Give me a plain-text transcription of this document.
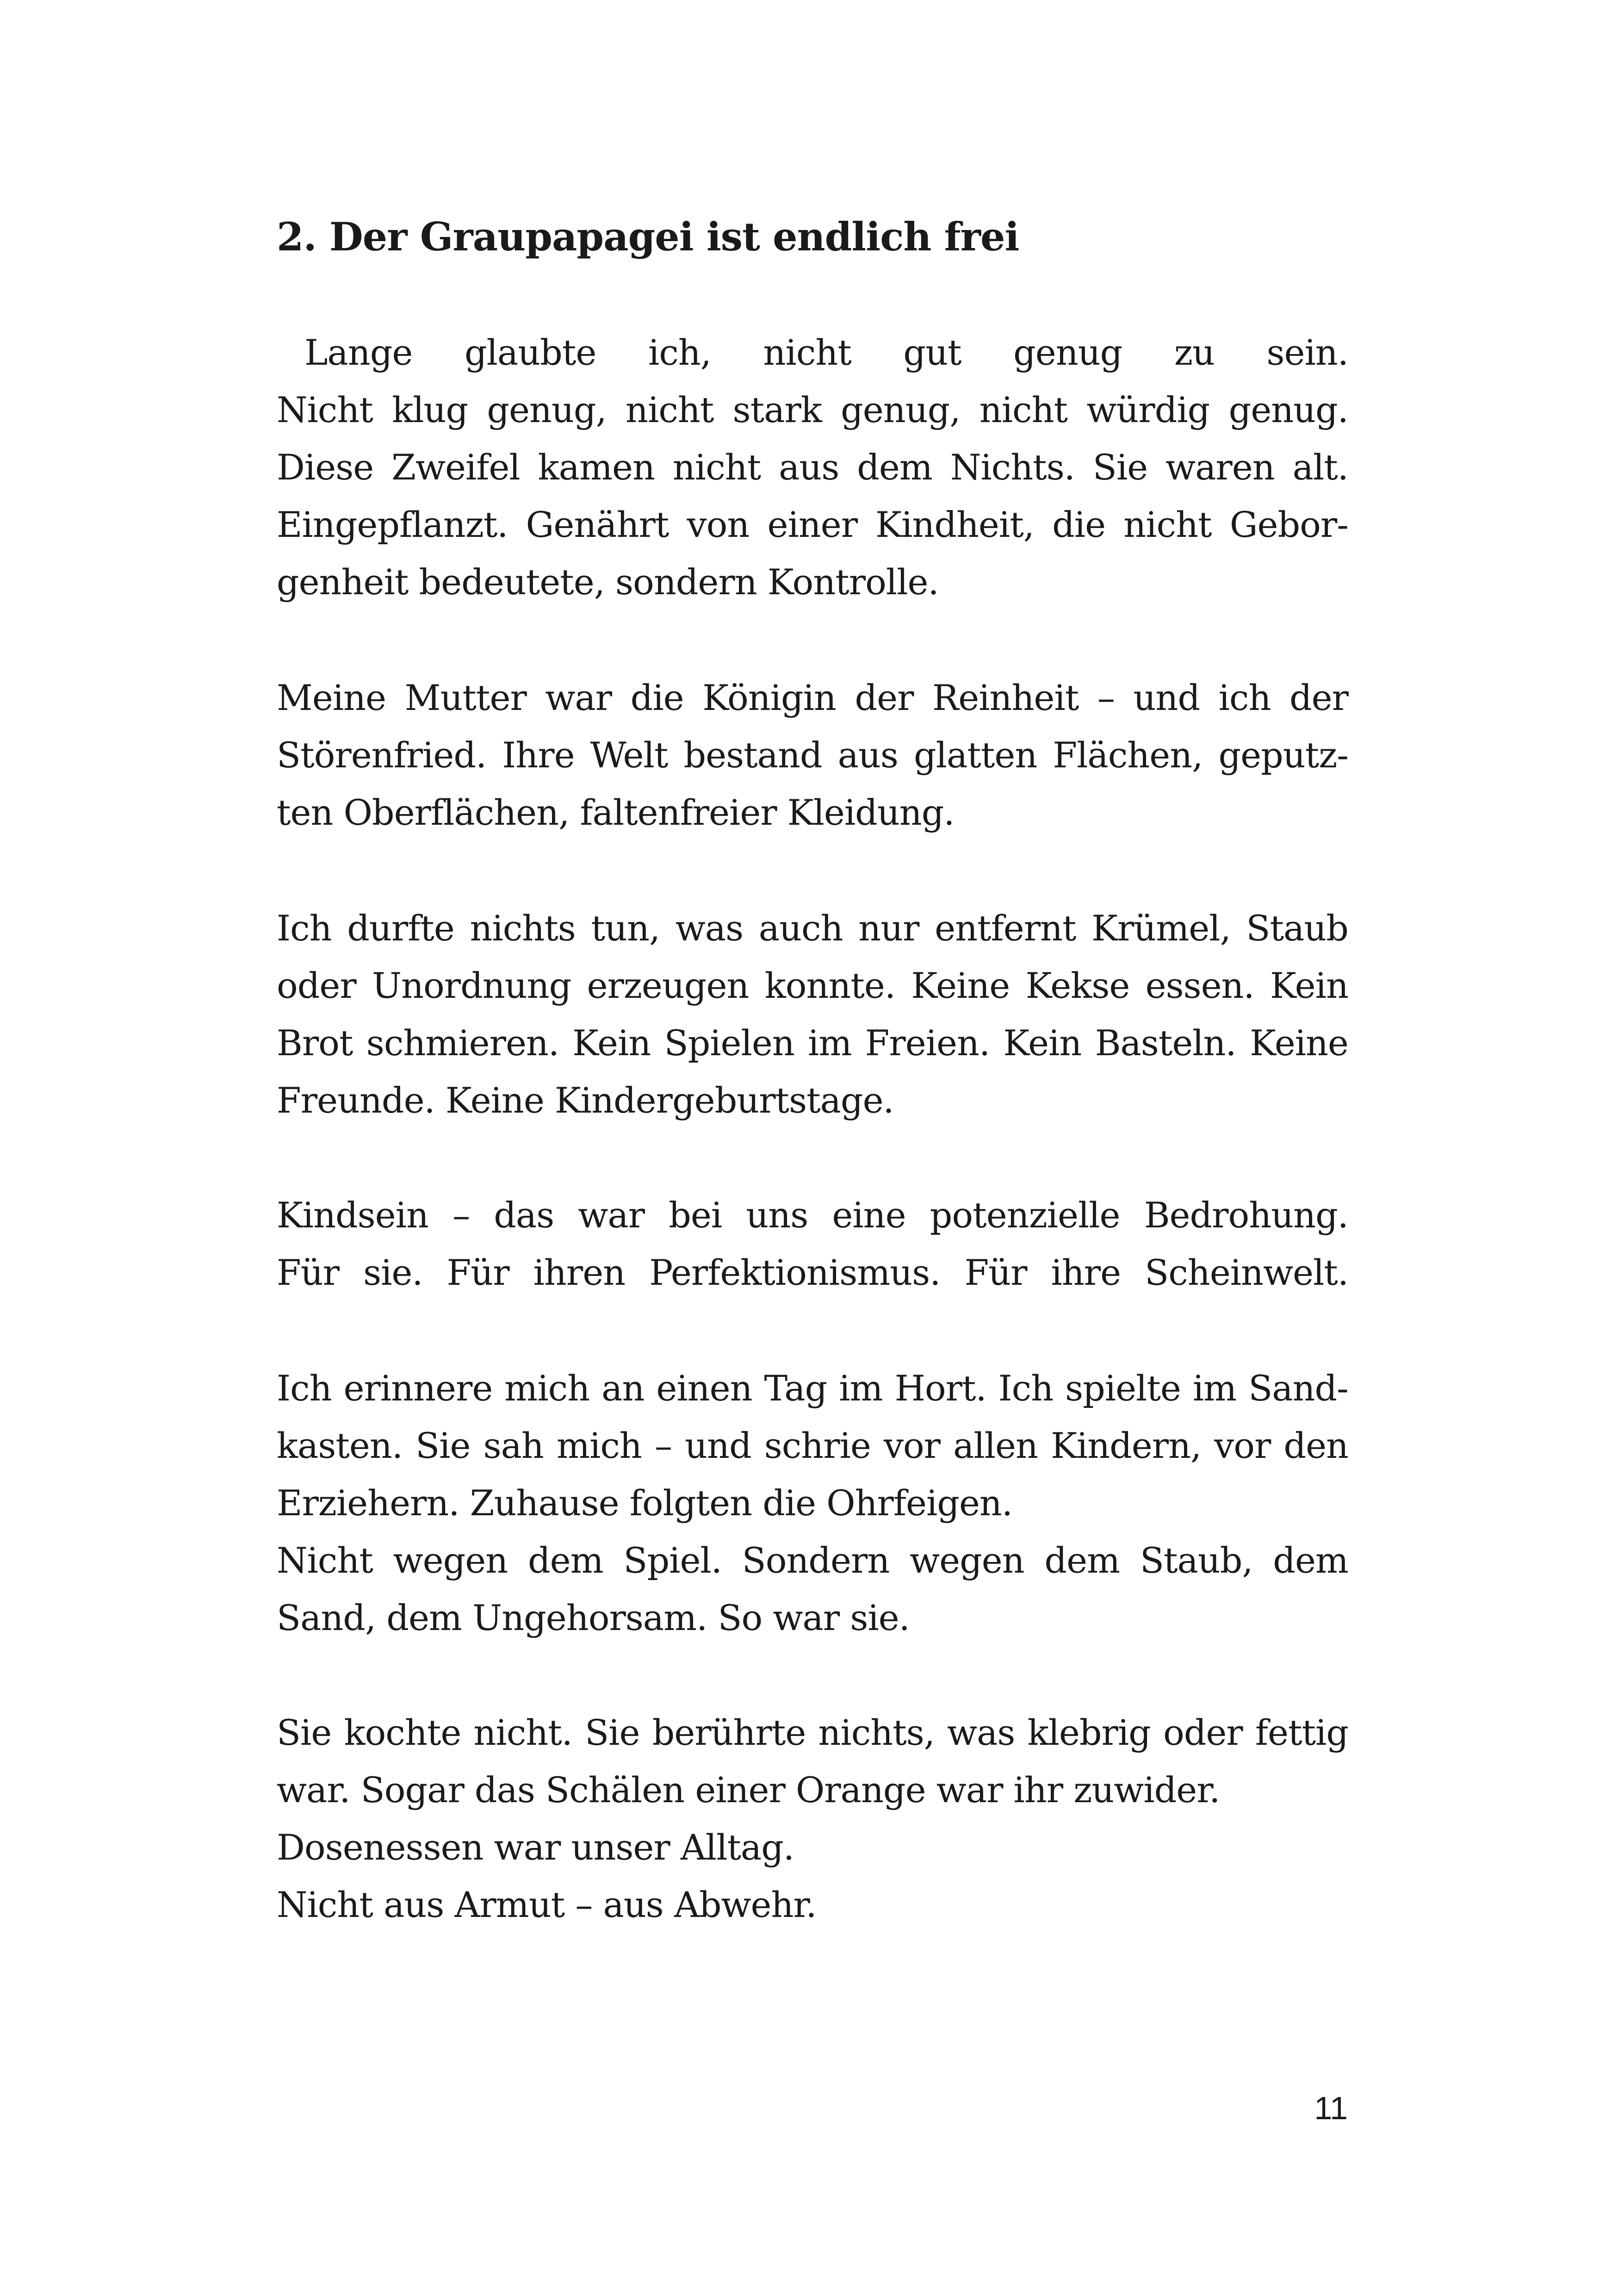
2. Der Graupapagei ist endlich frei
Lange glaubte ich, nicht gut genug zu sein.
Nicht klug genug, nicht stark genug, nicht würdig genug.
Diese Zweifel kamen nicht aus dem Nichts. Sie waren alt.
Eingepflanzt. Genährt von einer Kindheit, die nicht Gebor-
genheit bedeutete, sondern Kontrolle.
Meine Mutter war die Königin der Reinheit – und ich der
Störenfried. Ihre Welt bestand aus glatten Flächen, geputz-
ten Oberflächen, faltenfreier Kleidung.
Ich durfte nichts tun, was auch nur entfernt Krümel, Staub
oder Unordnung erzeugen konnte. Keine Kekse essen. Kein
Brot schmieren. Kein Spielen im Freien. Kein Basteln. Keine
Freunde. Keine Kindergeburtstage.
Kindsein – das war bei uns eine potenzielle Bedrohung.
Für sie. Für ihren Perfektionismus. Für ihre Scheinwelt.
Ich erinnere mich an einen Tag im Hort. Ich spielte im Sand-
kasten. Sie sah mich – und schrie vor allen Kindern, vor den
Erziehern. Zuhause folgten die Ohrfeigen.
Nicht wegen dem Spiel. Sondern wegen dem Staub, dem
Sand, dem Ungehorsam. So war sie.
Sie kochte nicht. Sie berührte nichts, was klebrig oder fettig
war. Sogar das Schälen einer Orange war ihr zuwider.
Dosenessen war unser Alltag.
Nicht aus Armut – aus Abwehr.
11
